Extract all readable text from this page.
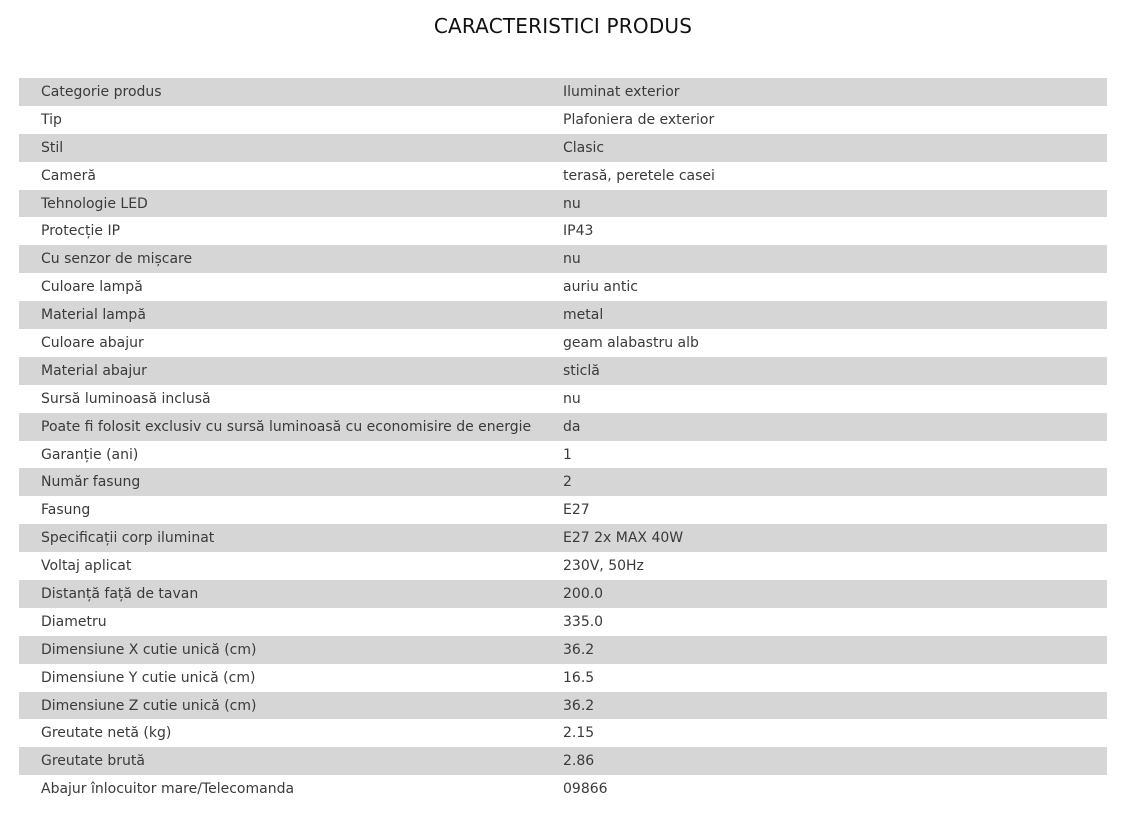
CARACTERISTICI PRODUS
Categorie produs	Iluminat exterior
Tip	Plafoniera de exterior
Stil	Clasic
Cameră	terasă, peretele casei
Tehnologie LED	nu
Protecție IP	IP43
Cu senzor de mișcare	nu
Culoare lampă	auriu antic
Material lampă	metal
Culoare abajur	geam alabastru alb
Material abajur	sticlă
Sursă luminoasă inclusă	nu
Poate fi folosit exclusiv cu sursă luminoasă cu economisire de energie	da
Garanție (ani)	1
Număr fasung	2
Fasung	E27
Specificații corp iluminat	E27 2x MAX 40W
Voltaj aplicat	230V, 50Hz
Distanță față de tavan	200.0
Diametru	335.0
Dimensiune X cutie unică (cm)	36.2
Dimensiune Y cutie unică (cm)	16.5
Dimensiune Z cutie unică (cm)	36.2
Greutate netă (kg)	2.15
Greutate brută	2.86
Abajur înlocuitor mare/Telecomanda	09866
